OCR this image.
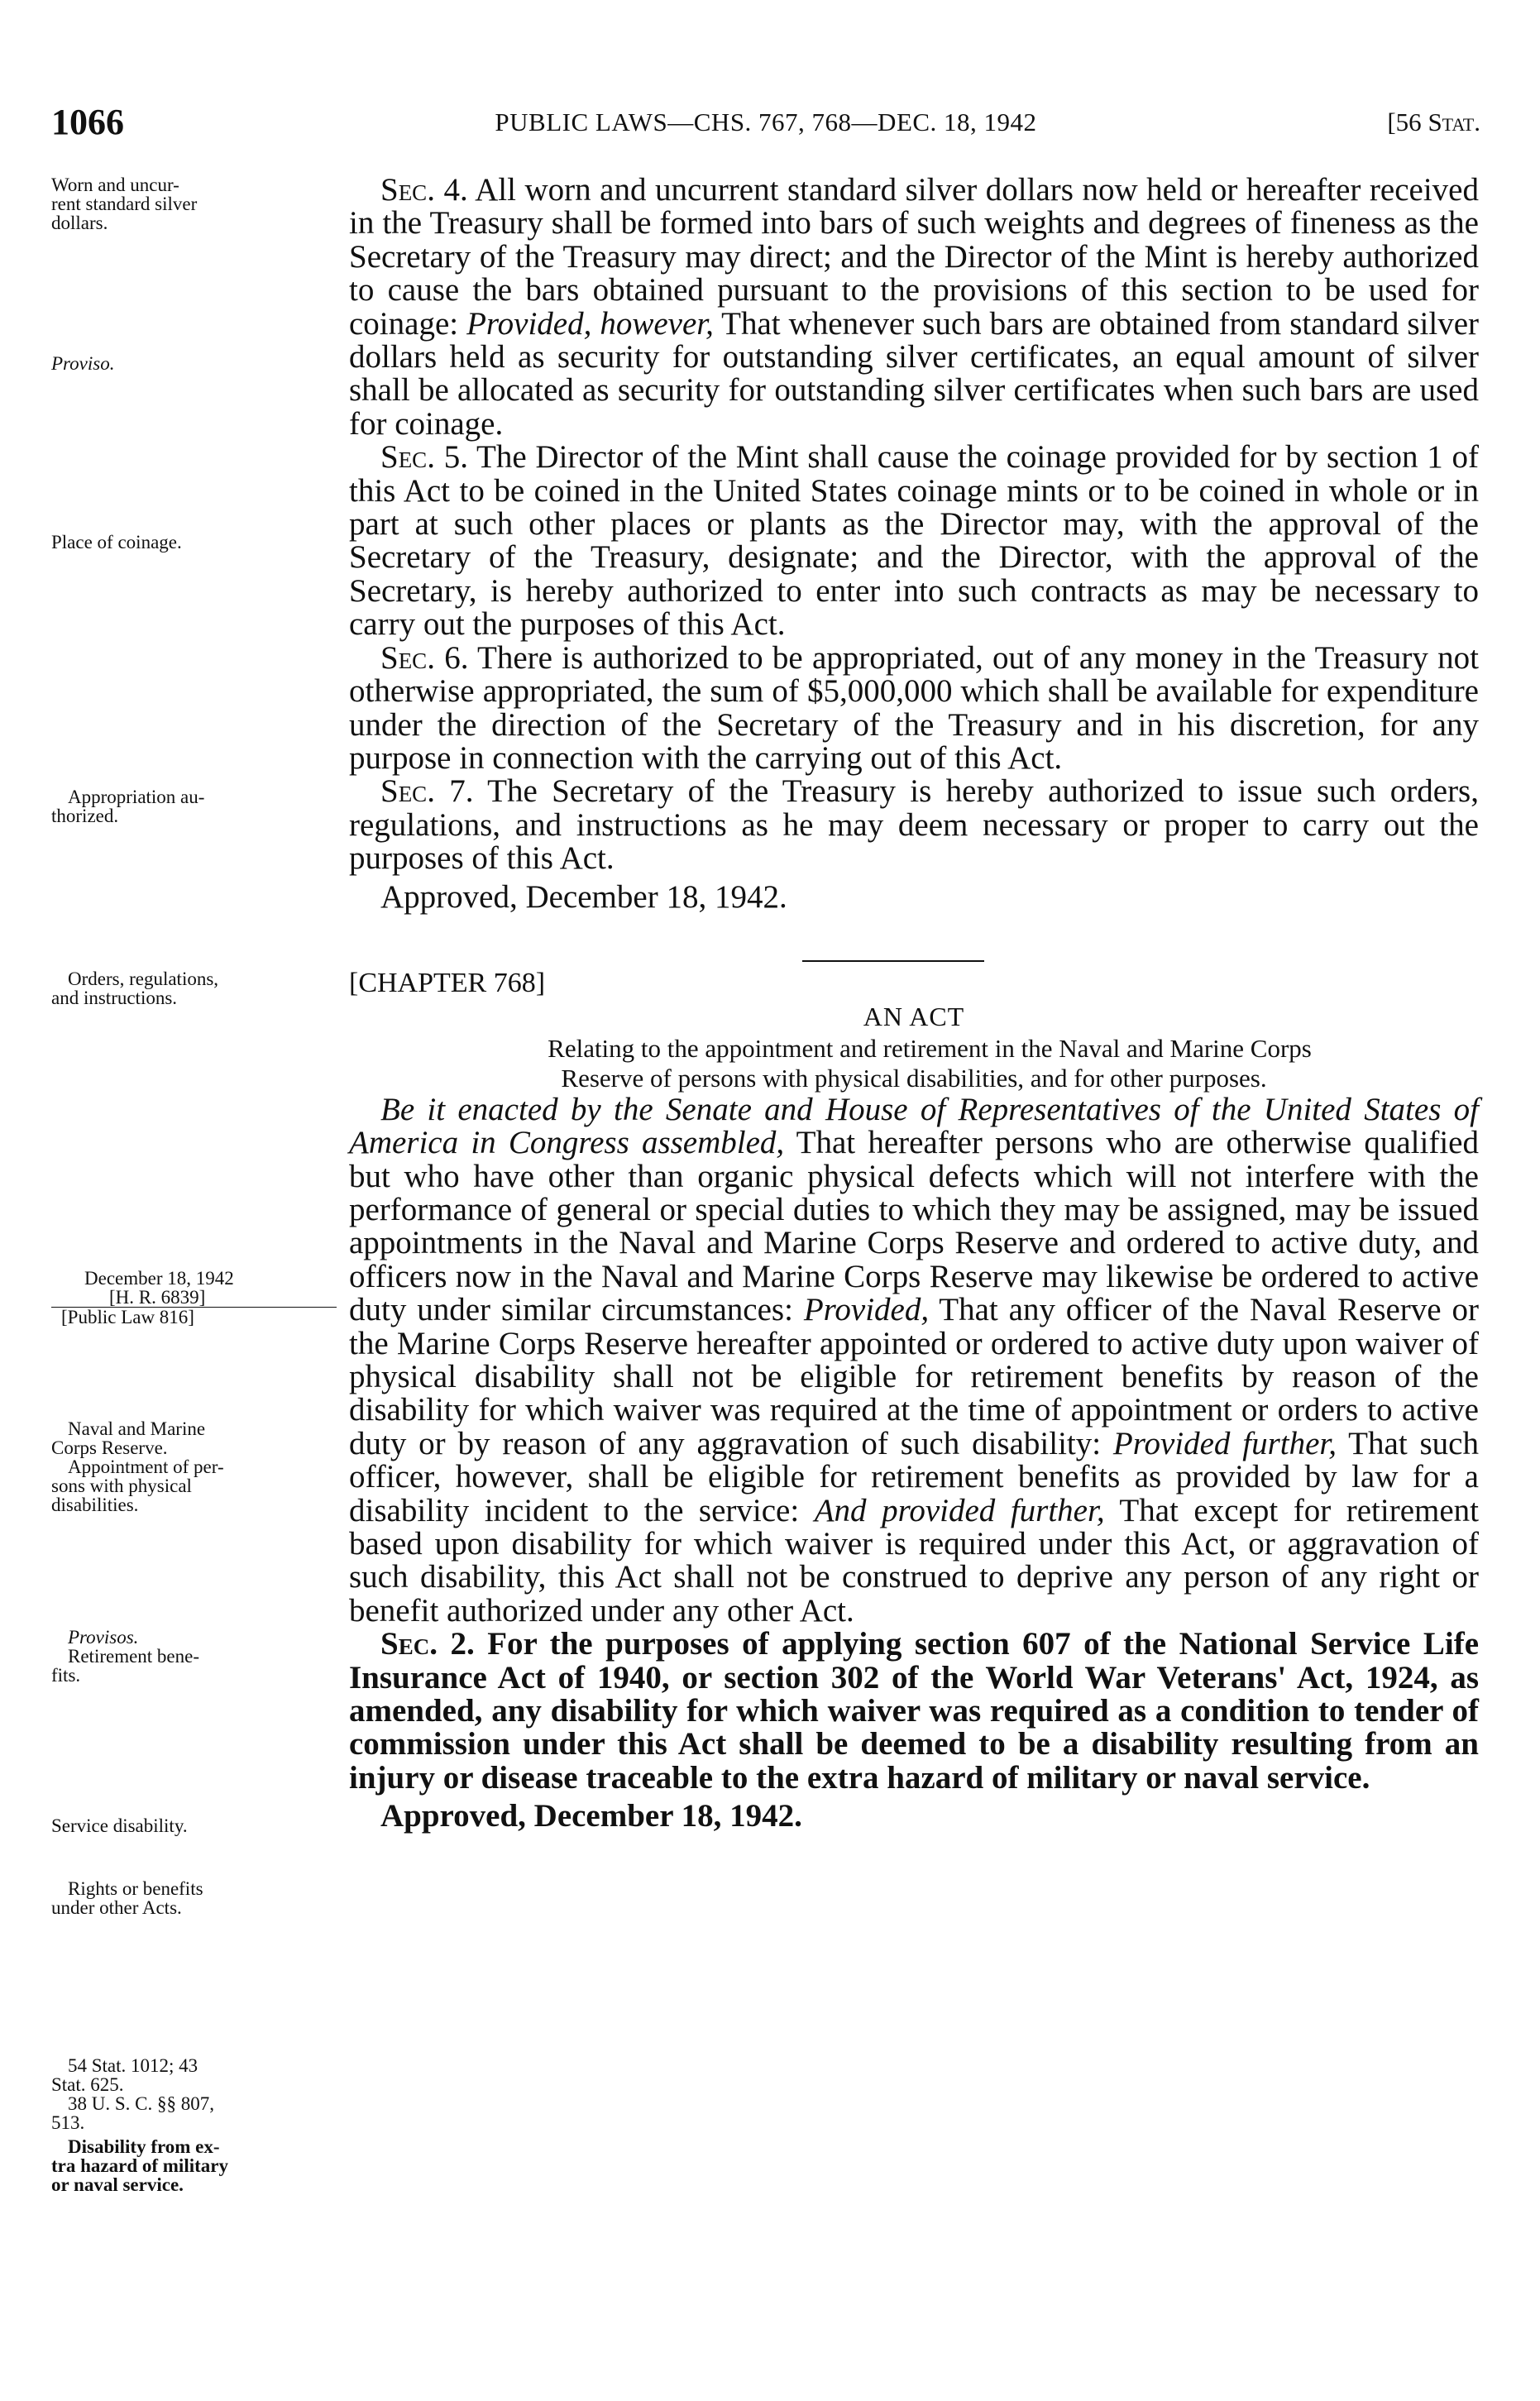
1066	PUBLIC LAWS—CHS. 767, 768—DEC. 18, 1942	[56 Stat.

Sec. 4. All worn and uncurrent standard silver dollars now held or hereafter received in the Treasury shall be formed into bars of such weights and degrees of fineness as the Secretary of the Treasury may direct; and the Director of the Mint is hereby authorized to cause the bars obtained pursuant to the provisions of this section to be used for coinage: Provided, however, That whenever such bars are obtained from standard silver dollars held as security for outstanding silver certificates, an equal amount of silver shall be allocated as security for outstanding silver certificates when such bars are used for coinage.

Sec. 5. The Director of the Mint shall cause the coinage provided for by section 1 of this Act to be coined in the United States coinage mints or to be coined in whole or in part at such other places or plants as the Director may, with the approval of the Secretary of the Treasury, designate; and the Director, with the approval of the Secretary, is hereby authorized to enter into such contracts as may be necessary to carry out the purposes of this Act.

Sec. 6. There is authorized to be appropriated, out of any money in the Treasury not otherwise appropriated, the sum of $5,000,000 which shall be available for expenditure under the direction of the Secretary of the Treasury and in his discretion, for any purpose in connection with the carrying out of this Act.

Sec. 7. The Secretary of the Treasury is hereby authorized to issue such orders, regulations, and instructions as he may deem necessary or proper to carry out the purposes of this Act.

Approved, December 18, 1942.

[CHAPTER 768]

AN ACT

Relating to the appointment and retirement in the Naval and Marine Corps
Reserve of persons with physical disabilities, and for other purposes.

Be it enacted by the Senate and House of Representatives of the United States of America in Congress assembled, That hereafter persons who are otherwise qualified but who have other than organic physical defects which will not interfere with the performance of general or special duties to which they may be assigned, may be issued appointments in the Naval and Marine Corps Reserve and ordered to active duty, and officers now in the Naval and Marine Corps Reserve may likewise be ordered to active duty under similar circumstances: Provided, That any officer of the Naval Reserve or the Marine Corps Reserve hereafter appointed or ordered to active duty upon waiver of physical disability shall not be eligible for retirement benefits by reason of the disability for which waiver was required at the time of appointment or orders to active duty or by reason of any aggravation of such disability: Provided further, That such officer, however, shall be eligible for retirement benefits as provided by law for a disability incident to the service: And provided further, That except for retirement based upon disability for which waiver is required under this Act, or aggravation of such disability, this Act shall not be construed to deprive any person of any right or benefit authorized under any other Act.

Sec. 2. For the purposes of applying section 607 of the National Service Life Insurance Act of 1940, or section 302 of the World War Veterans' Act, 1924, as amended, any disability for which waiver was required as a condition to tender of commission under this Act shall be deemed to be a disability resulting from an injury or disease traceable to the extra hazard of military or naval service.

Approved, December 18, 1942.

Worn and uncur-
rent standard silver
dollars.
Proviso.
Place of coinage.
Appropriation au-
thorized.
Orders, regulations,
and instructions.
December 18, 1942
[H. R. 6839]
[Public Law 816]
Naval and Marine
Corps Reserve.
Appointment of per-
sons with physical
disabilities.
Provisos.
Retirement bene-
fits.
Service disability.
Rights or benefits
under other Acts.
54 Stat. 1012; 43
Stat. 625.
38 U. S. C. §§ 807,
513.
Disability from ex-
tra hazard of military
or naval service.
